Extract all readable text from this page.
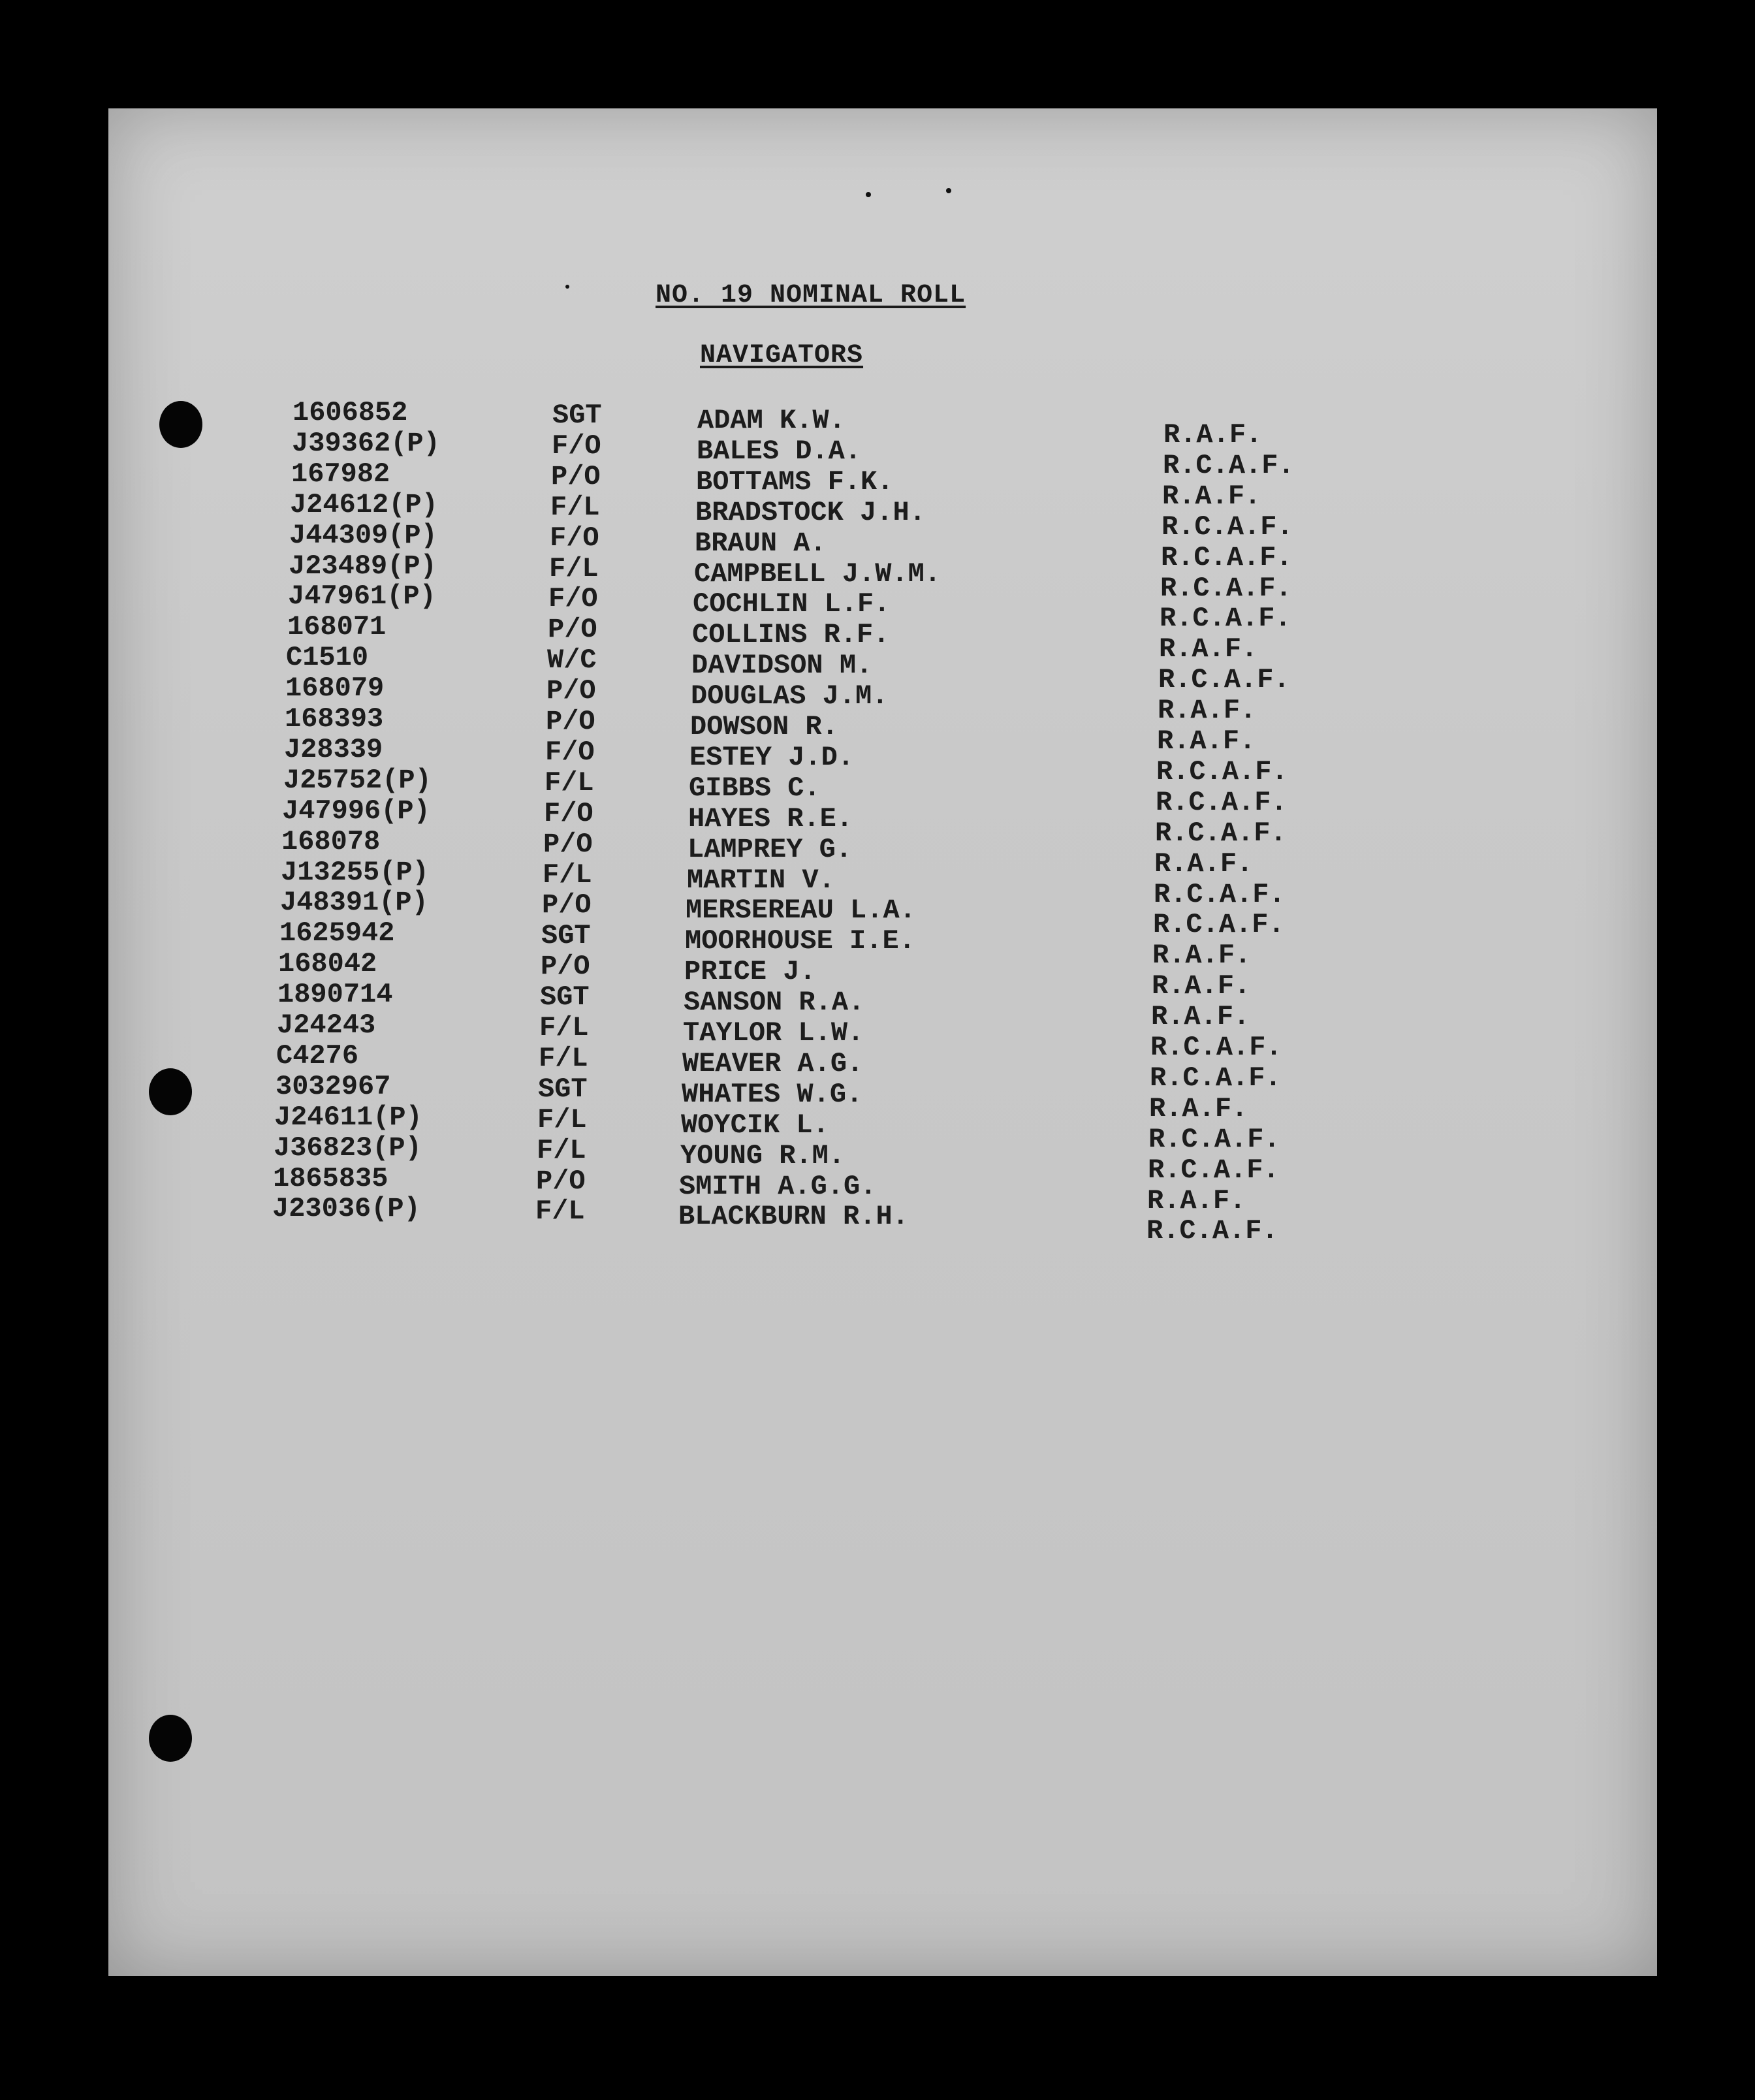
NO. 19 NOMINAL ROLL
NAVIGATORS
1606852	SGT	ADAM K.W.	R.A.F.
J39362(P)	F/O	BALES D.A.	R.C.A.F.
167982	P/O	BOTTAMS F.K.	R.A.F.
J24612(P)	F/L	BRADSTOCK J.H.	R.C.A.F.
J44309(P)	F/O	BRAUN A.	R.C.A.F.
J23489(P)	F/L	CAMPBELL J.W.M.	R.C.A.F.
J47961(P)	F/O	COCHLIN L.F.	R.C.A.F.
168071	P/O	COLLINS R.F.	R.A.F.
C1510	W/C	DAVIDSON M.	R.C.A.F.
168079	P/O	DOUGLAS J.M.	R.A.F.
168393	P/O	DOWSON R.	R.A.F.
J28339	F/O	ESTEY J.D.	R.C.A.F.
J25752(P)	F/L	GIBBS C.	R.C.A.F.
J47996(P)	F/O	HAYES R.E.	R.C.A.F.
168078	P/O	LAMPREY G.	R.A.F.
J13255(P)	F/L	MARTIN V.	R.C.A.F.
J48391(P)	P/O	MERSEREAU L.A.	R.C.A.F.
1625942	SGT	MOORHOUSE I.E.	R.A.F.
168042	P/O	PRICE J.	R.A.F.
1890714	SGT	SANSON R.A.	R.A.F.
J24243	F/L	TAYLOR L.W.	R.C.A.F.
C4276	F/L	WEAVER A.G.	R.C.A.F.
3032967	SGT	WHATES W.G.	R.A.F.
J24611(P)	F/L	WOYCIK L.	R.C.A.F.
J36823(P)	F/L	YOUNG R.M.	R.C.A.F.
1865835	P/O	SMITH A.G.G.	R.A.F.
J23036(P)	F/L	BLACKBURN R.H.	R.C.A.F.
